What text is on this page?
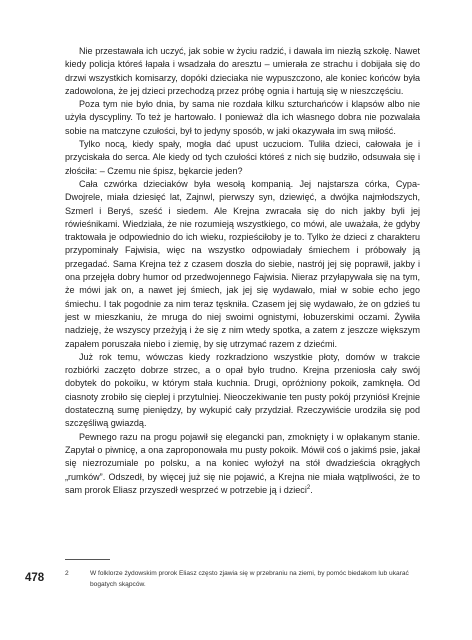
Nie przestawała ich uczyć, jak sobie w życiu radzić, i dawała im niezłą szkołę. Nawet kiedy policja któreś łapała i wsadzała do aresztu – umierała ze strachu i dobijała się do drzwi wszystkich komisarzy, dopóki dzieciaka nie wypuszczono, ale koniec końców była zadowolona, że jej dzieci przechodzą przez próbę ognia i hartują się w nieszczęściu.

Poza tym nie było dnia, by sama nie rozdała kilku szturchańców i klapsów albo nie użyła dyscypliny. To też je hartowało. I ponieważ dla ich własnego dobra nie pozwalała sobie na matczyne czułości, był to jedyny sposób, w jaki okazywała im swą miłość.

Tylko nocą, kiedy spały, mogła dać upust uczuciom. Tuliła dzieci, całowała je i przyciskała do serca. Ale kiedy od tych czułości któreś z nich się budziło, odsuwała się i złościła: – Czemu nie śpisz, bękarcie jeden?

Cała czwórka dzieciaków była wesołą kompanią. Jej najstarsza córka, Cypa-Dwojrele, miała dziesięć lat, Zajnwl, pierwszy syn, dziewięć, a dwójka najmłodszych, Szmerl i Beryś, sześć i siedem. Ale Krejna zwracała się do nich jakby byli jej rówieśnikami. Wiedziała, że nie rozumieją wszystkiego, co mówi, ale uważała, że gdyby traktowała je odpowiednio do ich wieku, rozpieściłoby je to. Tylko że dzieci z charakteru przypominały Fajwisia, więc na wszystko odpowiadały śmiechem i próbowały ją przegadać. Sama Krejna też z czasem doszła do siebie, nastrój jej się poprawił, jakby i ona przejęła dobry humor od przedwojennego Fajwisia. Nieraz przyłapywała się na tym, że mówi jak on, a nawet jej śmiech, jak jej się wydawało, miał w sobie echo jego śmiechu. I tak pogodnie za nim teraz tęskniła. Czasem jej się wydawało, że on gdzieś tu jest w mieszkaniu, że mruga do niej swoimi ognistymi, łobuzerskimi oczami. Żywiła nadzieję, że wszyscy przeżyją i że się z nim wtedy spotka, a zatem z jeszcze większym zapałem poruszała niebo i ziemię, by się utrzymać razem z dziećmi.

Już rok temu, wówczas kiedy rozkradziono wszystkie płoty, domów w trakcie rozbiórki zaczęto dobrze strzec, a o opał było trudno. Krejna przeniosła cały swój dobytek do pokoiku, w którym stała kuchnia. Drugi, opróżniony pokoik, zamknęła. Od ciasnoty zrobiło się cieplej i przytulniej. Nieoczekiwanie ten pusty pokój przyniósł Krejnie dostateczną sumę pieniędzy, by wykupić cały przydział. Rzeczywiście urodziła się pod szczęśliwą gwiazdą.

Pewnego razu na progu pojawił się elegancki pan, zmoknięty i w opłakanym stanie. Zapytał o piwnicę, a ona zaproponowała mu pusty pokoik. Mówił coś o jakimś psie, jakał się niezrozumiale po polsku, a na koniec wyłożył na stół dwadzieścia okrągłych „rumków”. Odszedł, by więcej już się nie pojawić, a Krejna nie miała wątpliwości, że to sam prorok Eliasz przyszedł wesprzeć w potrzebie ją i dzieci$^2$.

2	W folklorze żydowskim prorok Eliasz często zjawia się w przebraniu na ziemi, by pomóc biedakom lub ukarać bogatych skąpców.
478
